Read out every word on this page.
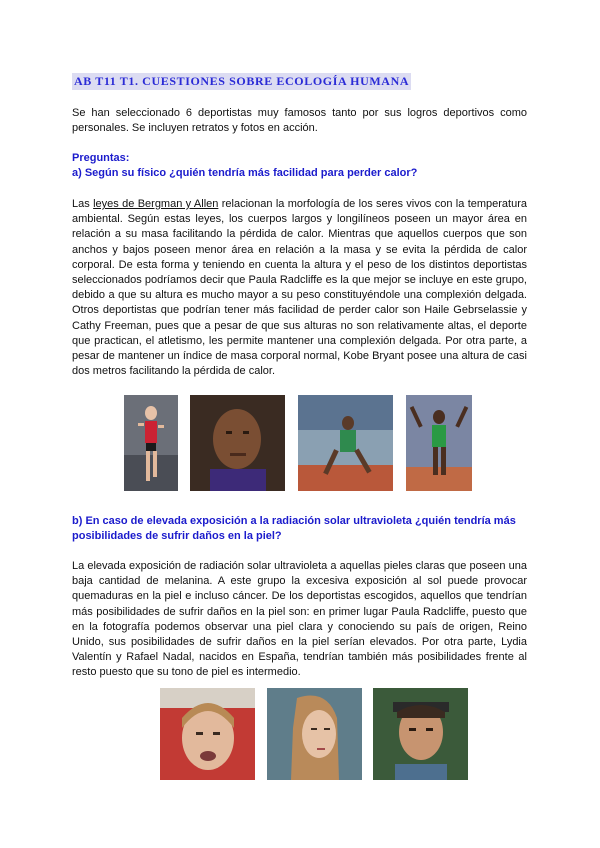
AB T11 T1. CUESTIONES SOBRE ECOLOGÍA HUMANA
Se han seleccionado 6 deportistas muy famosos tanto por sus logros deportivos como personales. Se incluyen retratos y fotos en acción.
Preguntas:
a) Según su físico ¿quién tendría más facilidad para perder calor?
Las leyes de Bergman y Allen relacionan la morfología de los seres vivos con la temperatura ambiental. Según estas leyes, los cuerpos largos y longilíneos poseen un mayor área en relación a su masa facilitando la pérdida de calor. Mientras que aquellos cuerpos que son anchos y bajos poseen menor área en relación a la masa y se evita la pérdida de calor corporal. De esta forma y teniendo en cuenta la altura y el peso de los distintos deportistas seleccionados podríamos decir que Paula Radcliffe es la que mejor se incluye en este grupo, debido a que su altura es mucho mayor a su peso constituyéndole una complexión delgada. Otros deportistas que podrían tener más facilidad de perder calor son Haile Gebrselassie y Cathy Freeman, pues que a pesar de que sus alturas no son relativamente altas, el deporte que practican, el atletismo, les permite mantener una complexión delgada. Por otra parte, a pesar de mantener un índice de masa corporal normal, Kobe Bryant posee una altura de casi dos metros facilitando la pérdida de calor.
b) En caso de elevada exposición a la radiación solar ultravioleta ¿quién tendría más posibilidades de sufrir daños en la piel?
La elevada exposición de radiación solar ultravioleta a aquellas pieles claras que poseen una baja cantidad de melanina. A este grupo la excesiva exposición al sol puede provocar quemaduras en la piel e incluso cáncer. De los deportistas escogidos, aquellos que tendrían más posibilidades de sufrir daños en la piel son: en primer lugar Paula Radcliffe, puesto que en la fotografía podemos observar una piel clara y conociendo su país de origen, Reino Unido, sus posibilidades de sufrir daños en la piel serían elevados. Por otra parte, Lydia Valentín y Rafael Nadal, nacidos en España, tendrían también más posibilidades frente al resto puesto que su tono de piel es intermedio.
